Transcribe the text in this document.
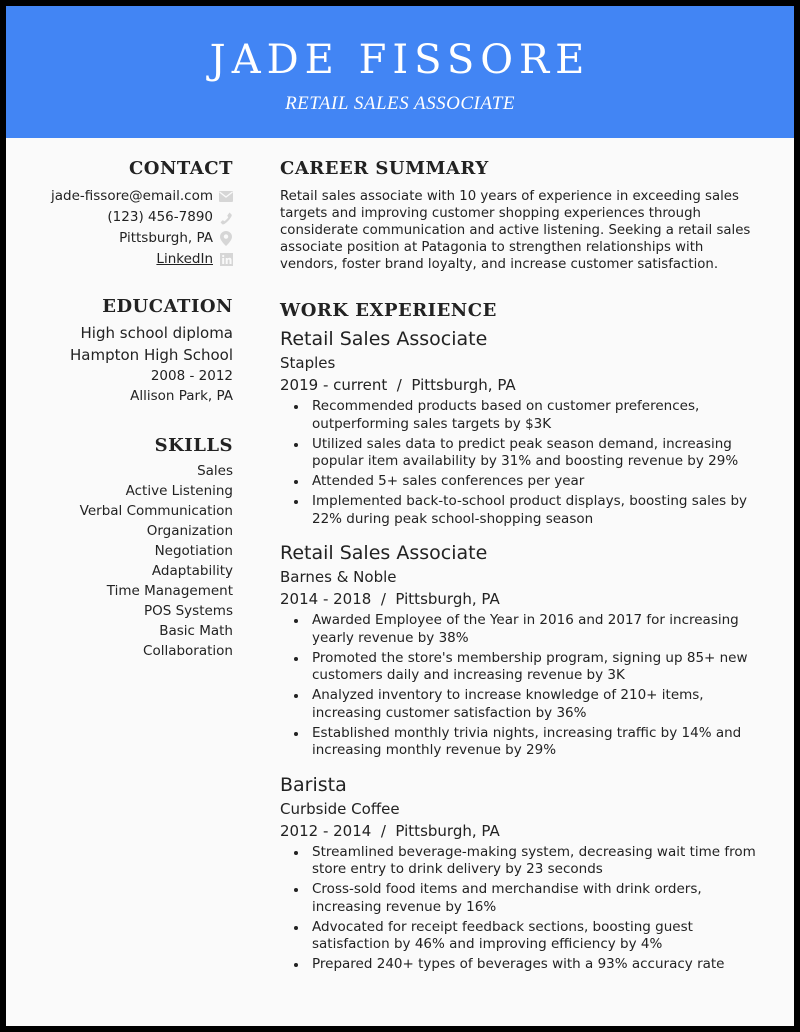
JADE FISSORE
RETAIL SALES ASSOCIATE
CONTACT
jade-fissore@email.com
(123) 456-7890
Pittsburgh, PA
LinkedIn
EDUCATION
High school diploma
Hampton High School
2008 - 2012
Allison Park, PA
SKILLS
Sales
Active Listening
Verbal Communication
Organization
Negotiation
Adaptability
Time Management
POS Systems
Basic Math
Collaboration
CAREER SUMMARY

Retail sales associate with 10 years of experience in exceeding sales targets and improving customer shopping experiences through considerate communication and active listening. Seeking a retail sales associate position at Patagonia to strengthen relationships with vendors, foster brand loyalty, and increase customer satisfaction.

WORK EXPERIENCE
Retail Sales Associate
Staples
2019 - current  /  Pittsburgh, PA
Recommended products based on customer preferences, outperforming sales targets by $3K
Utilized sales data to predict peak season demand, increasing popular item availability by 31% and boosting revenue by 29%
Attended 5+ sales conferences per year
Implemented back-to-school product displays, boosting sales by 22% during peak school-shopping season
Retail Sales Associate
Barnes & Noble
2014 - 2018  /  Pittsburgh, PA
Awarded Employee of the Year in 2016 and 2017 for increasing yearly revenue by 38%
Promoted the store's membership program, signing up 85+ new customers daily and increasing revenue by 3K
Analyzed inventory to increase knowledge of 210+ items, increasing customer satisfaction by 36%
Established monthly trivia nights, increasing traffic by 14% and increasing monthly revenue by 29%
Barista
Curbside Coffee
2012 - 2014  /  Pittsburgh, PA
Streamlined beverage-making system, decreasing wait time from store entry to drink delivery by 23 seconds
Cross-sold food items and merchandise with drink orders, increasing revenue by 16%
Advocated for receipt feedback sections, boosting guest satisfaction by 46% and improving efficiency by 4%
Prepared 240+ types of beverages with a 93% accuracy rate
